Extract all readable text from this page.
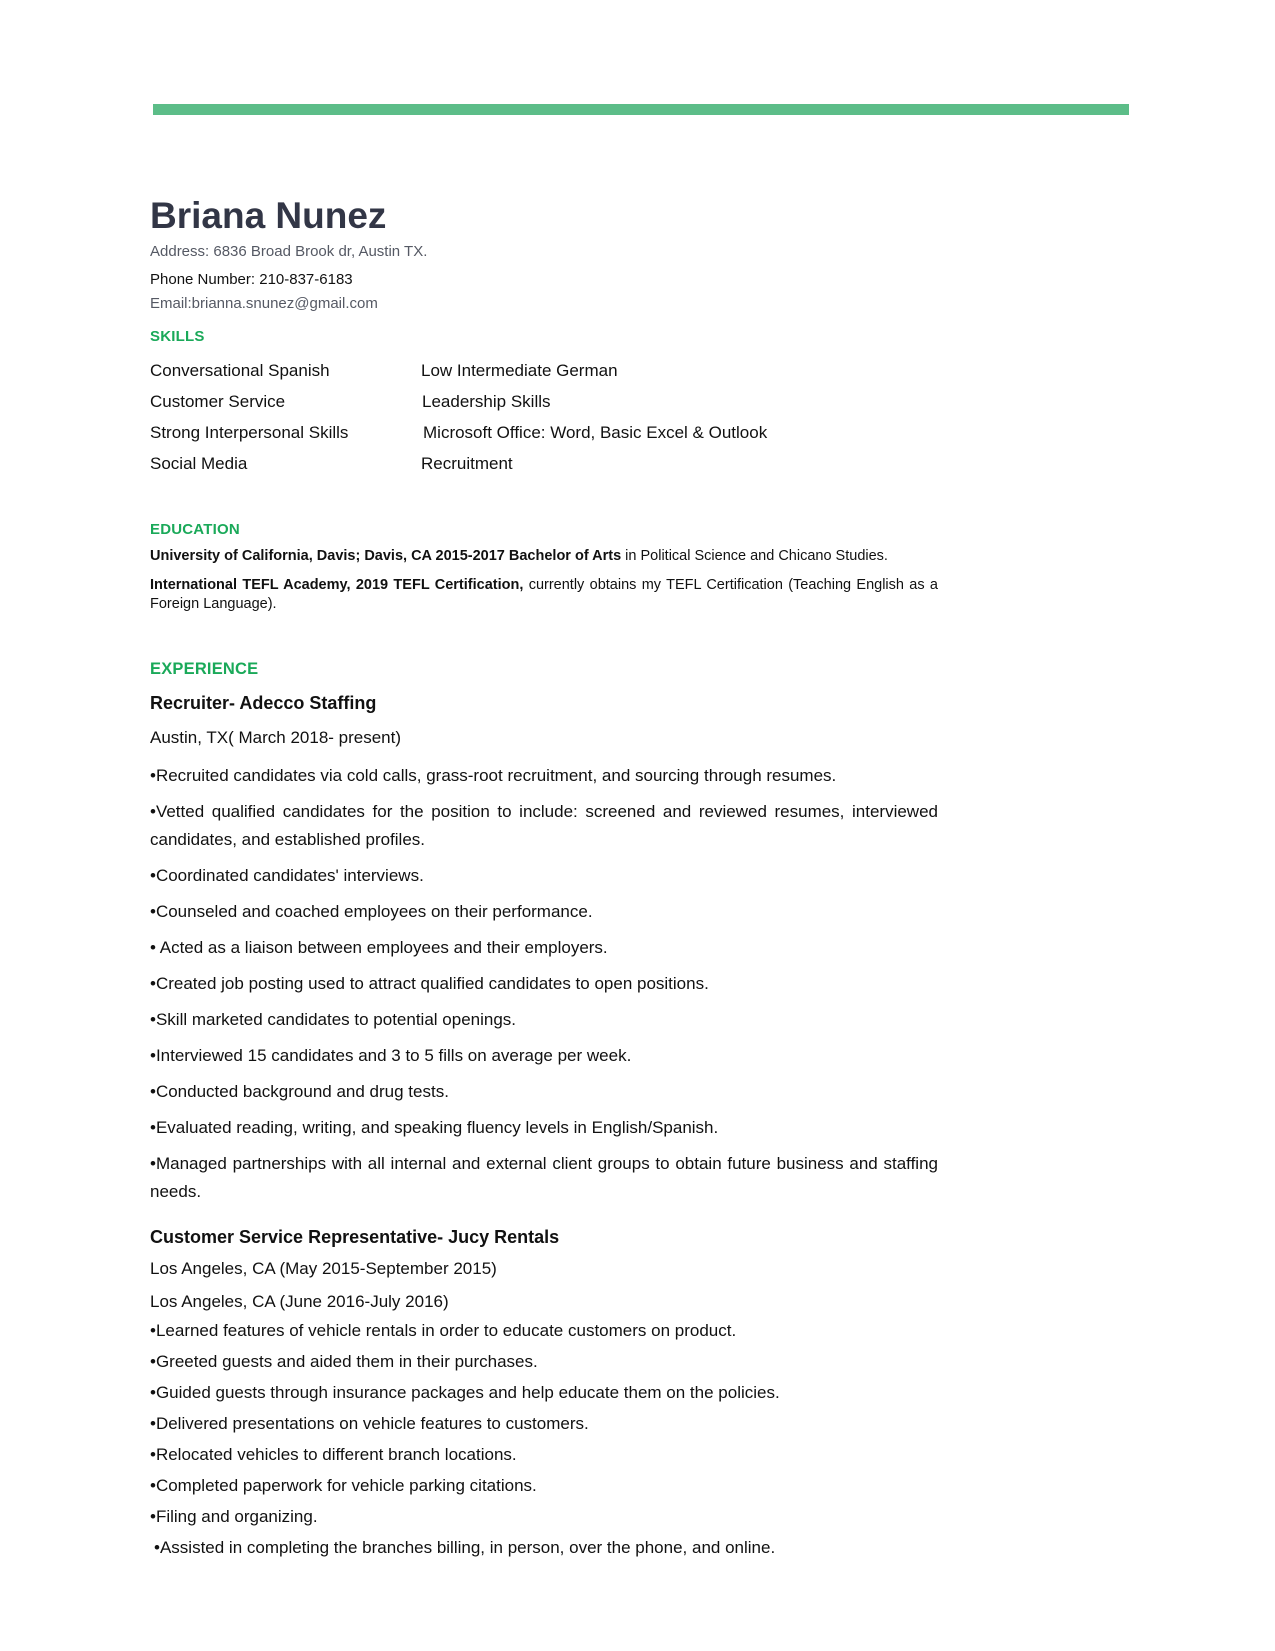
Briana Nunez
Address: 6836 Broad Brook dr, Austin TX.
Phone Number: 210-837-6183
Email:brianna.snunez@gmail.com
SKILLS
Conversational Spanish	Low Intermediate German
Customer Service	Leadership Skills
Strong Interpersonal Skills	Microsoft Office: Word, Basic Excel & Outlook
Social Media	Recruitment
EDUCATION
University of California, Davis; Davis, CA 2015-2017 Bachelor of Arts in Political Science and Chicano Studies.
International TEFL Academy, 2019 TEFL Certification, currently obtains my TEFL Certification (Teaching English as a Foreign Language).
EXPERIENCE
Recruiter- Adecco Staffing
Austin, TX( March 2018- present)
•Recruited candidates via cold calls, grass-root recruitment, and sourcing through resumes.
•Vetted qualified candidates for the position to include: screened and reviewed resumes, interviewed candidates, and established profiles.
•Coordinated candidates' interviews.
•Counseled and coached employees on their performance.
• Acted as a liaison between employees and their employers.
•Created job posting used to attract qualified candidates to open positions.
•Skill marketed candidates to potential openings.
•Interviewed 15 candidates and 3 to 5 fills on average per week.
•Conducted background and drug tests.
•Evaluated reading, writing, and speaking fluency levels in English/Spanish.
•Managed partnerships with all internal and external client groups to obtain future business and staffing needs.
Customer Service Representative- Jucy Rentals
Los Angeles, CA (May 2015-September 2015)
Los Angeles, CA (June 2016-July 2016)
•Learned features of vehicle rentals in order to educate customers on product.
•Greeted guests and aided them in their purchases.
•Guided guests through insurance packages and help educate them on the policies.
•Delivered presentations on vehicle features to customers.
•Relocated vehicles to different branch locations.
•Completed paperwork for vehicle parking citations.
•Filing and organizing.
•Assisted in completing the branches billing, in person, over the phone, and online.
